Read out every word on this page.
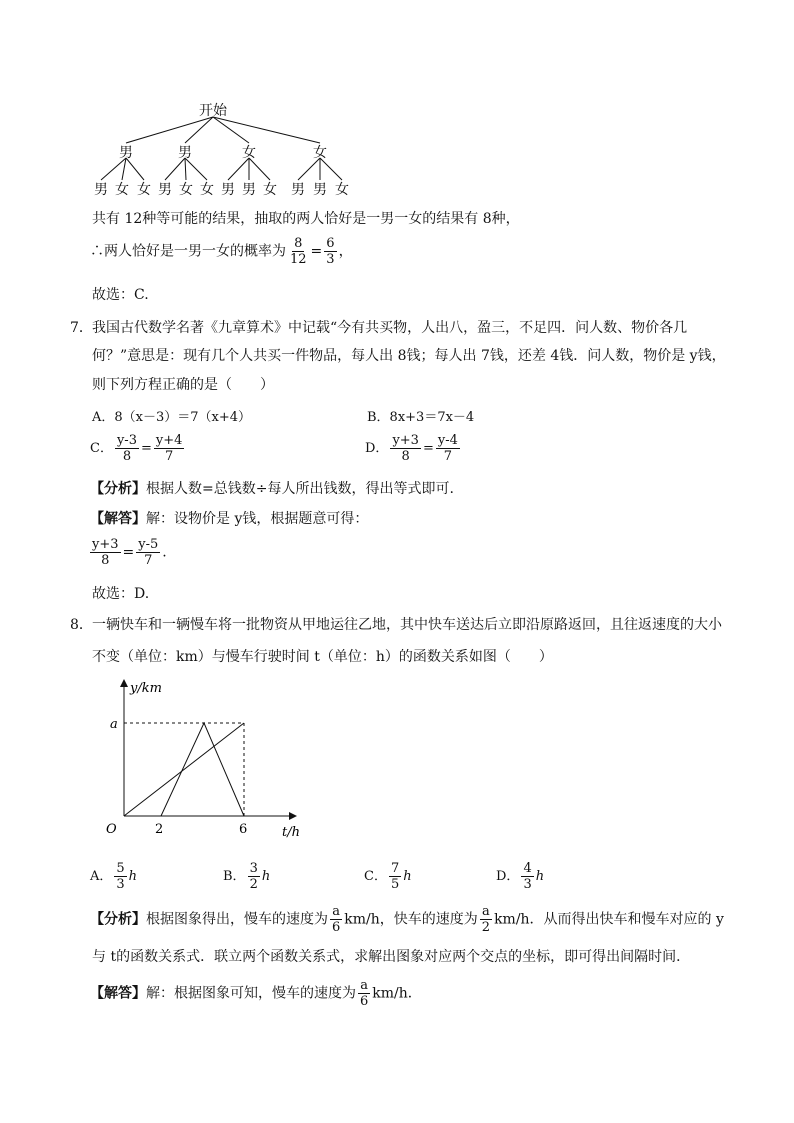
开始
男	男	女	女
男 女 女 男 女 女 男 男 女 男 男 女
共有 12种等可能的结果，抽取的两人恰好是一男一女的结果有 8种，
∴两人恰好是一男一女的概率为 $\frac{8}{12} = \frac{6}{3}$ ，
故选：C.
7． 我国古代数学名著《九章算术》中记载“今有共买物，人出八，盈三，不足四．问人数、物价各几
何？”意思是：现有几个人共买一件物品，每人出 8钱；每人出 7钱，还差 4钱．问人数，物价是 y钱，
则下列方程正确的是（　　）
A．8（x－3）＝7（x+4）	B．8x+3＝7x－4
C． $\frac{y-3}{8} = \frac{y+4}{7}$	D． $\frac{y+3}{8} = \frac{y-4}{7}$
【分析】根据人数=总钱数÷每人所出钱数，得出等式即可.
【解答】解：设物价是 y钱，根据题意可得：
$\frac{y+3}{8} = \frac{y-5}{7}$ .
故选：D.
8． 一辆快车和一辆慢车将一批物资从甲地运往乙地，其中快车送达后立即沿原路返回，且往返速度的大小
不变（单位：km）与慢车行驶时间 t（单位：h）的函数关系如图（　　）
y/km
t/h
O
a
2	6
A． $\frac{5}{3}$ h	B． $\frac{3}{2}$ h	C． $\frac{7}{5}$ h	D． $\frac{4}{3}$ h
【分析】根据图象得出，慢车的速度为 $\frac{a}{6} km/h$，快车的速度为 $\frac{a}{2} km/h$．从而得出快车和慢车对应的 y
与 t的函数关系式．联立两个函数关系式，求解出图象对应两个交点的坐标，即可得出间隔时间．
【解答】解：根据图象可知，慢车的速度为 $\frac{a}{6} km/h$．
